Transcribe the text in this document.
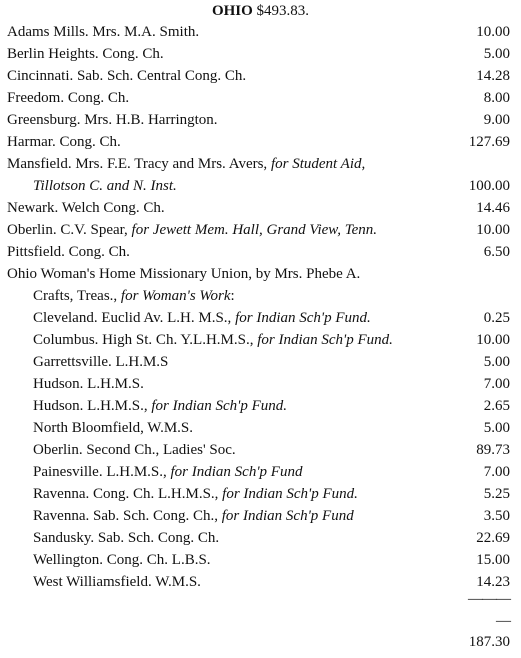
OHIO $493.83.
Adams Mills. Mrs. M.A. Smith.	10.00
Berlin Heights. Cong. Ch.	5.00
Cincinnati. Sab. Sch. Central Cong. Ch.	14.28
Freedom. Cong. Ch.	8.00
Greensburg. Mrs. H.B. Harrington.	9.00
Harmar. Cong. Ch.	127.69
Mansfield. Mrs. F.E. Tracy and Mrs. Avers, for Student Aid,
Tillotson C. and N. Inst.	100.00
Newark. Welch Cong. Ch.	14.46
Oberlin. C.V. Spear, for Jewett Mem. Hall, Grand View, Tenn.	10.00
Pittsfield. Cong. Ch.	6.50
Ohio Woman's Home Missionary Union, by Mrs. Phebe A.
Crafts, Treas., for Woman's Work:
Cleveland. Euclid Av. L.H. M.S., for Indian Sch'p Fund.	0.25
Columbus. High St. Ch. Y.L.H.M.S., for Indian Sch'p Fund.	10.00
Garrettsville. L.H.M.S	5.00
Hudson. L.H.M.S.	7.00
Hudson. L.H.M.S., for Indian Sch'p Fund.	2.65
North Bloomfield, W.M.S.	5.00
Oberlin. Second Ch., Ladies' Soc.	89.73
Painesville. L.H.M.S., for Indian Sch'p Fund	7.00
Ravenna. Cong. Ch. L.H.M.S., for Indian Sch'p Fund.	5.25
Ravenna. Sab. Sch. Cong. Ch., for Indian Sch'p Fund	3.50
Sandusky. Sab. Sch. Cong. Ch.	22.69
Wellington. Cong. Ch. L.B.S.	15.00
West Williamsfield. W.M.S.	14.23
———
—
187.30
